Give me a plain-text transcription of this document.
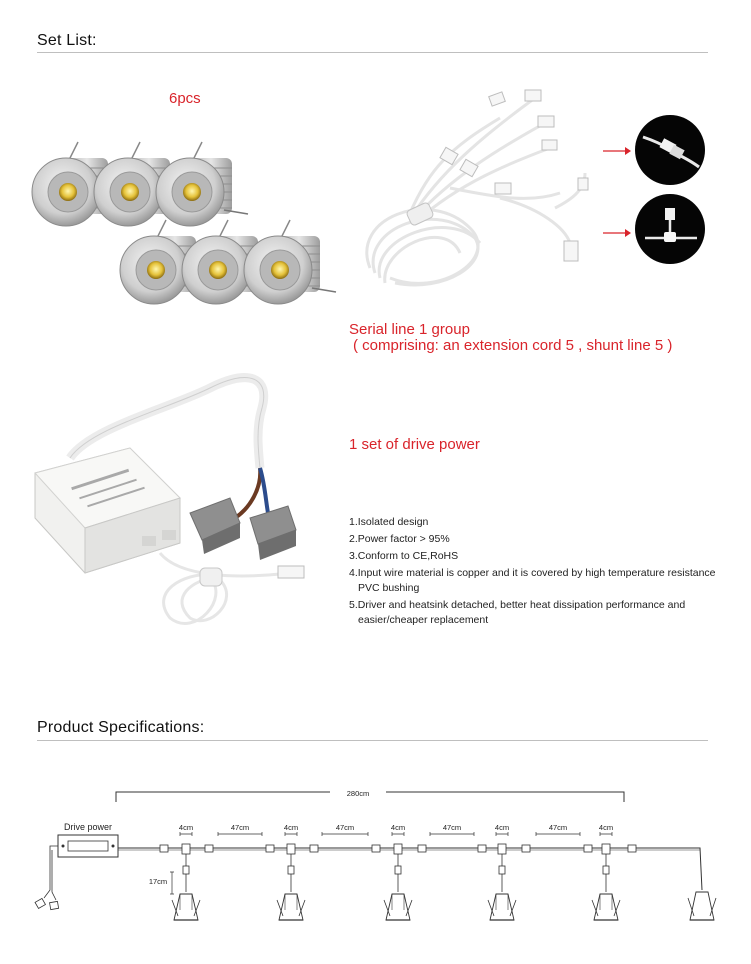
Set List:
6pcs
Serial line 1 group
( comprising: an extension cord 5 , shunt line 5 )
1 set of drive power
1.Isolated design
2.Power factor > 95%
3.Conform to CE,RoHS
4.Input wire material is copper and it is covered by high temperature resistance PVC bushing
5.Driver and heatsink detached, better heat dissipation performance and easier/cheaper replacement
Product Specifications:
280cm
Drive power	4cm	47cm	4cm	47cm	4cm	47cm	4cm	47cm	4cm
17cm
